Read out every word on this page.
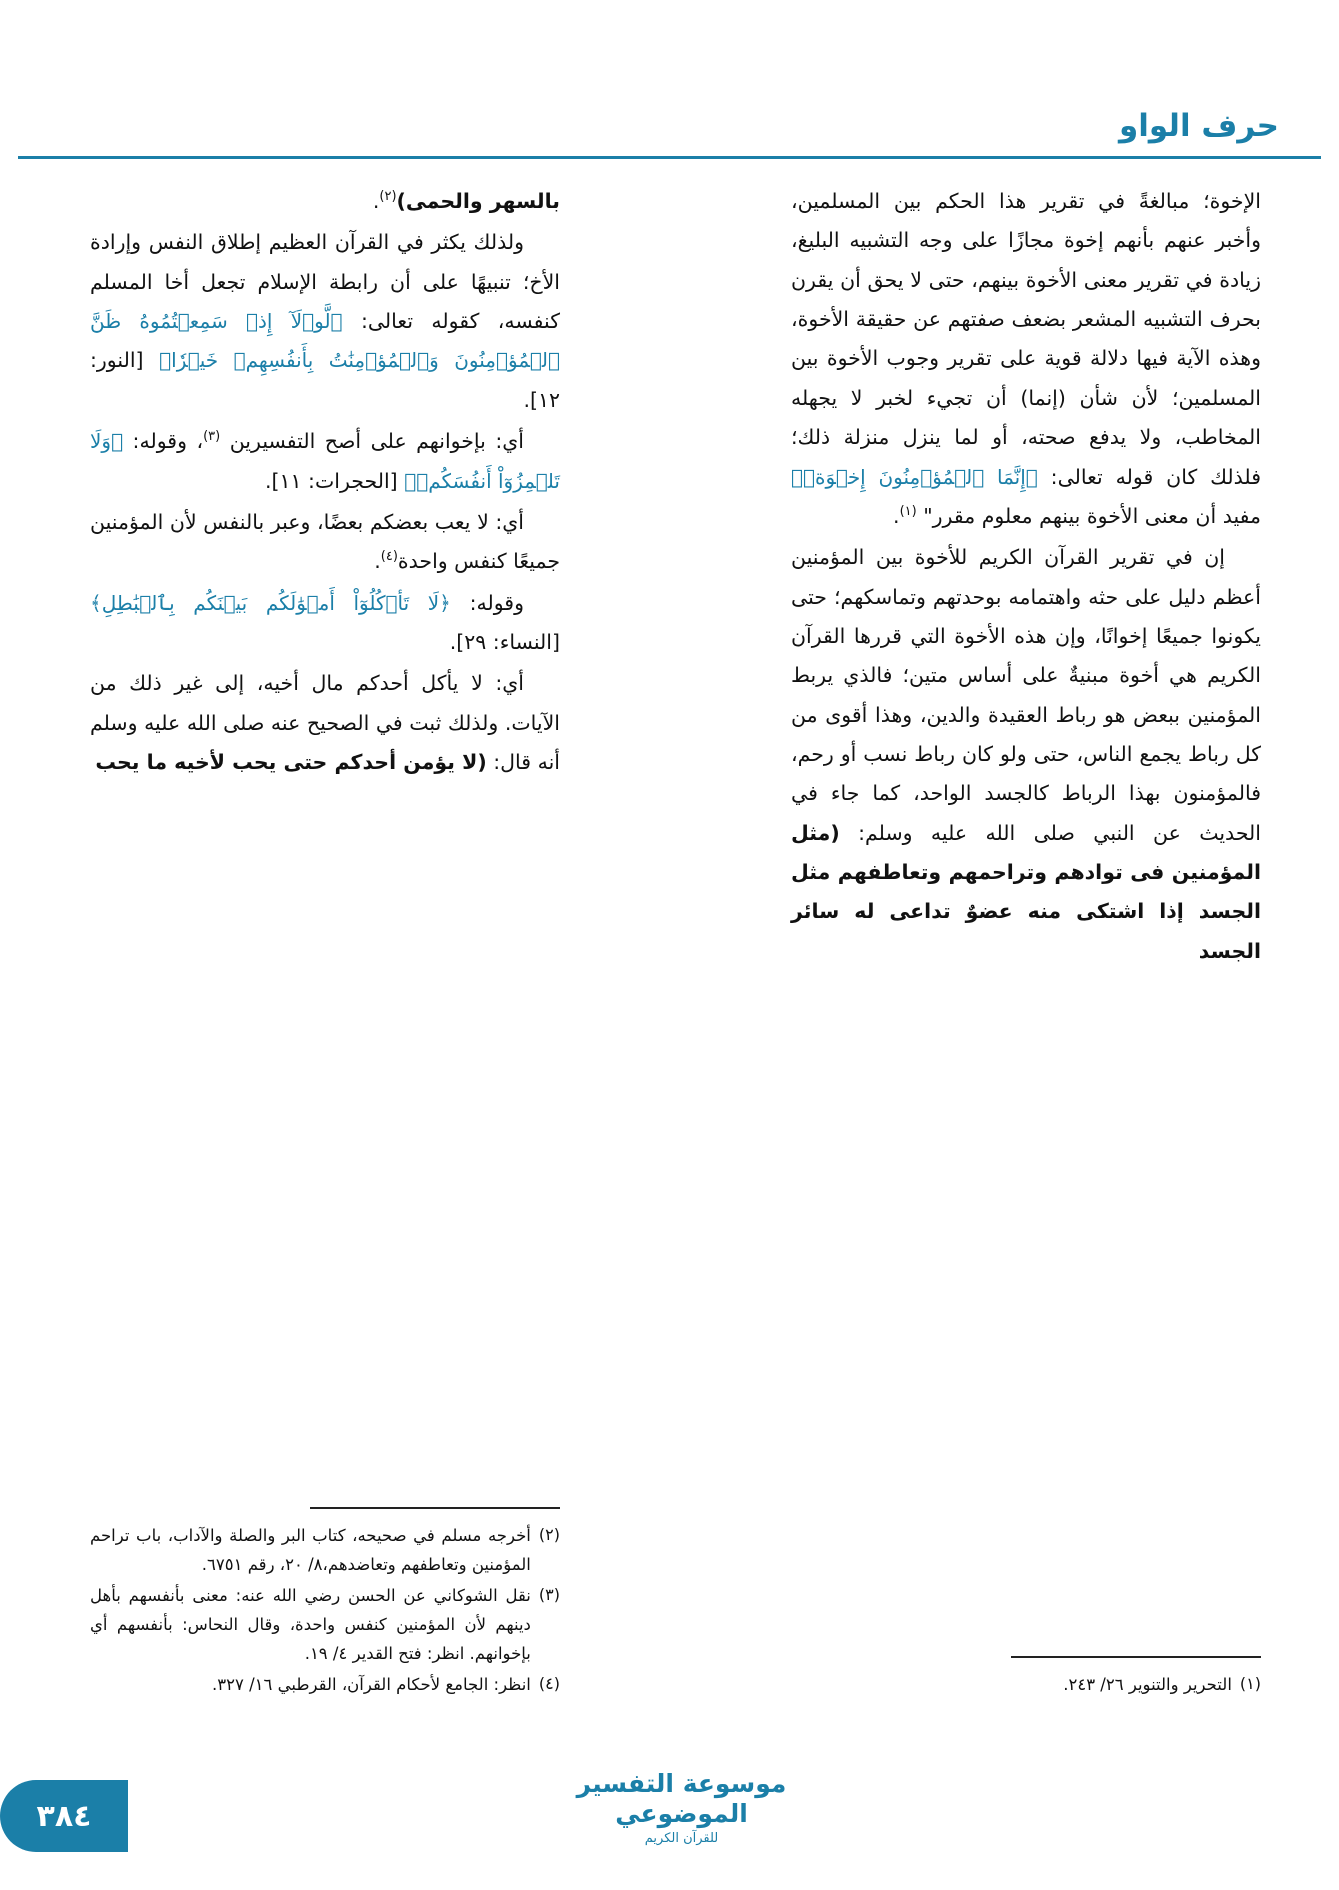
حرف الواو

الإخوة؛ مبالغةً في تقرير هذا الحكم بين المسلمين، وأخبر عنهم بأنهم إخوة مجازًا على وجه التشبيه البليغ، زيادة في تقرير معنى الأخوة بينهم، حتى لا يحق أن يقرن بحرف التشبيه المشعر بضعف صفتهم عن حقيقة الأخوة، وهذه الآية فيها دلالة قوية على تقرير وجوب الأخوة بين المسلمين؛ لأن شأن (إنما) أن تجيء لخبر لا يجهله المخاطب، ولا يدفع صحته، أو لما ينزل منزلة ذلك؛ فلذلك كان قوله تعالى: ﴿إِنَّمَا ٱلۡمُؤۡمِنُونَ إِخۡوَةٞ﴾ مفيد أن معنى الأخوة بينهم معلوم مقرر" $^{(١)}$.

إن في تقرير القرآن الكريم للأخوة بين المؤمنين أعظم دليل على حثه واهتمامه بوحدتهم وتماسكهم؛ حتى يكونوا جميعًا إخوانًا، وإن هذه الأخوة التي قررها القرآن الكريم هي أخوة مبنيةٌ على أساس متين؛ فالذي يربط المؤمنين ببعض هو رباط العقيدة والدين، وهذا أقوى من كل رباط يجمع الناس، حتى ولو كان رباط نسب أو رحم، فالمؤمنون بهذا الرباط كالجسد الواحد، كما جاء في الحديث عن النبي صلى الله عليه وسلم: (مثل المؤمنين فى توادهم وتراحمهم وتعاطفهم مثل الجسد إذا اشتكى منه عضوٌ تداعى له سائر الجسد

بالسهر والحمى)$^{(٢)}$.

ولذلك يكثر في القرآن العظيم إطلاق النفس وإرادة الأخ؛ تنبيهًا على أن رابطة الإسلام تجعل أخا المسلم كنفسه، كقوله تعالى: ﴿لَّوۡلَآ إِذۡ سَمِعۡتُمُوهُ ظَنَّ ٱلۡمُؤۡمِنُونَ وَٱلۡمُؤۡمِنَٰتُ بِأَنفُسِهِمۡ خَيۡرٗا﴾ [النور: ١٢].

أي: بإخوانهم على أصح التفسيرين $^{(٣)}$، وقوله: ﴿وَلَا تَلۡمِزُوٓاْ أَنفُسَكُمۡ﴾ [الحجرات: ١١].

أي: لا يعب بعضكم بعضًا، وعبر بالنفس لأن المؤمنين جميعًا كنفس واحدة$^{(٤)}$.

وقوله: ﴿لَا تَأۡكُلُوٓاْ أَمۡوَٰلَكُم بَيۡنَكُم بِٱلۡبَٰطِلِ﴾ [النساء: ٢٩].

أي: لا يأكل أحدكم مال أخيه، إلى غير ذلك من الآيات. ولذلك ثبت في الصحيح عنه صلى الله عليه وسلم أنه قال: (لا يؤمن أحدكم حتى يحب لأخيه ما يحب

(١)
التحرير والتنوير ٢٦/ ٢٤٣.
(٢)
أخرجه مسلم في صحيحه، كتاب البر والصلة والآداب، باب تراحم المؤمنين وتعاطفهم وتعاضدهم،٨/ ٢٠، رقم ٦٧٥١.
(٣)
نقل الشوكاني عن الحسن رضي الله عنه: معنى بأنفسهم بأهل دينهم لأن المؤمنين كنفس واحدة، وقال النحاس: بأنفسهم أي بإخوانهم. انظر: فتح القدير ٤/ ١٩.
(٤)
انظر: الجامع لأحكام القرآن، القرطبي ١٦/ ٣٢٧.
موسوعة التفسير الموضوعي
للقرآن الكريم
٣٨٤
